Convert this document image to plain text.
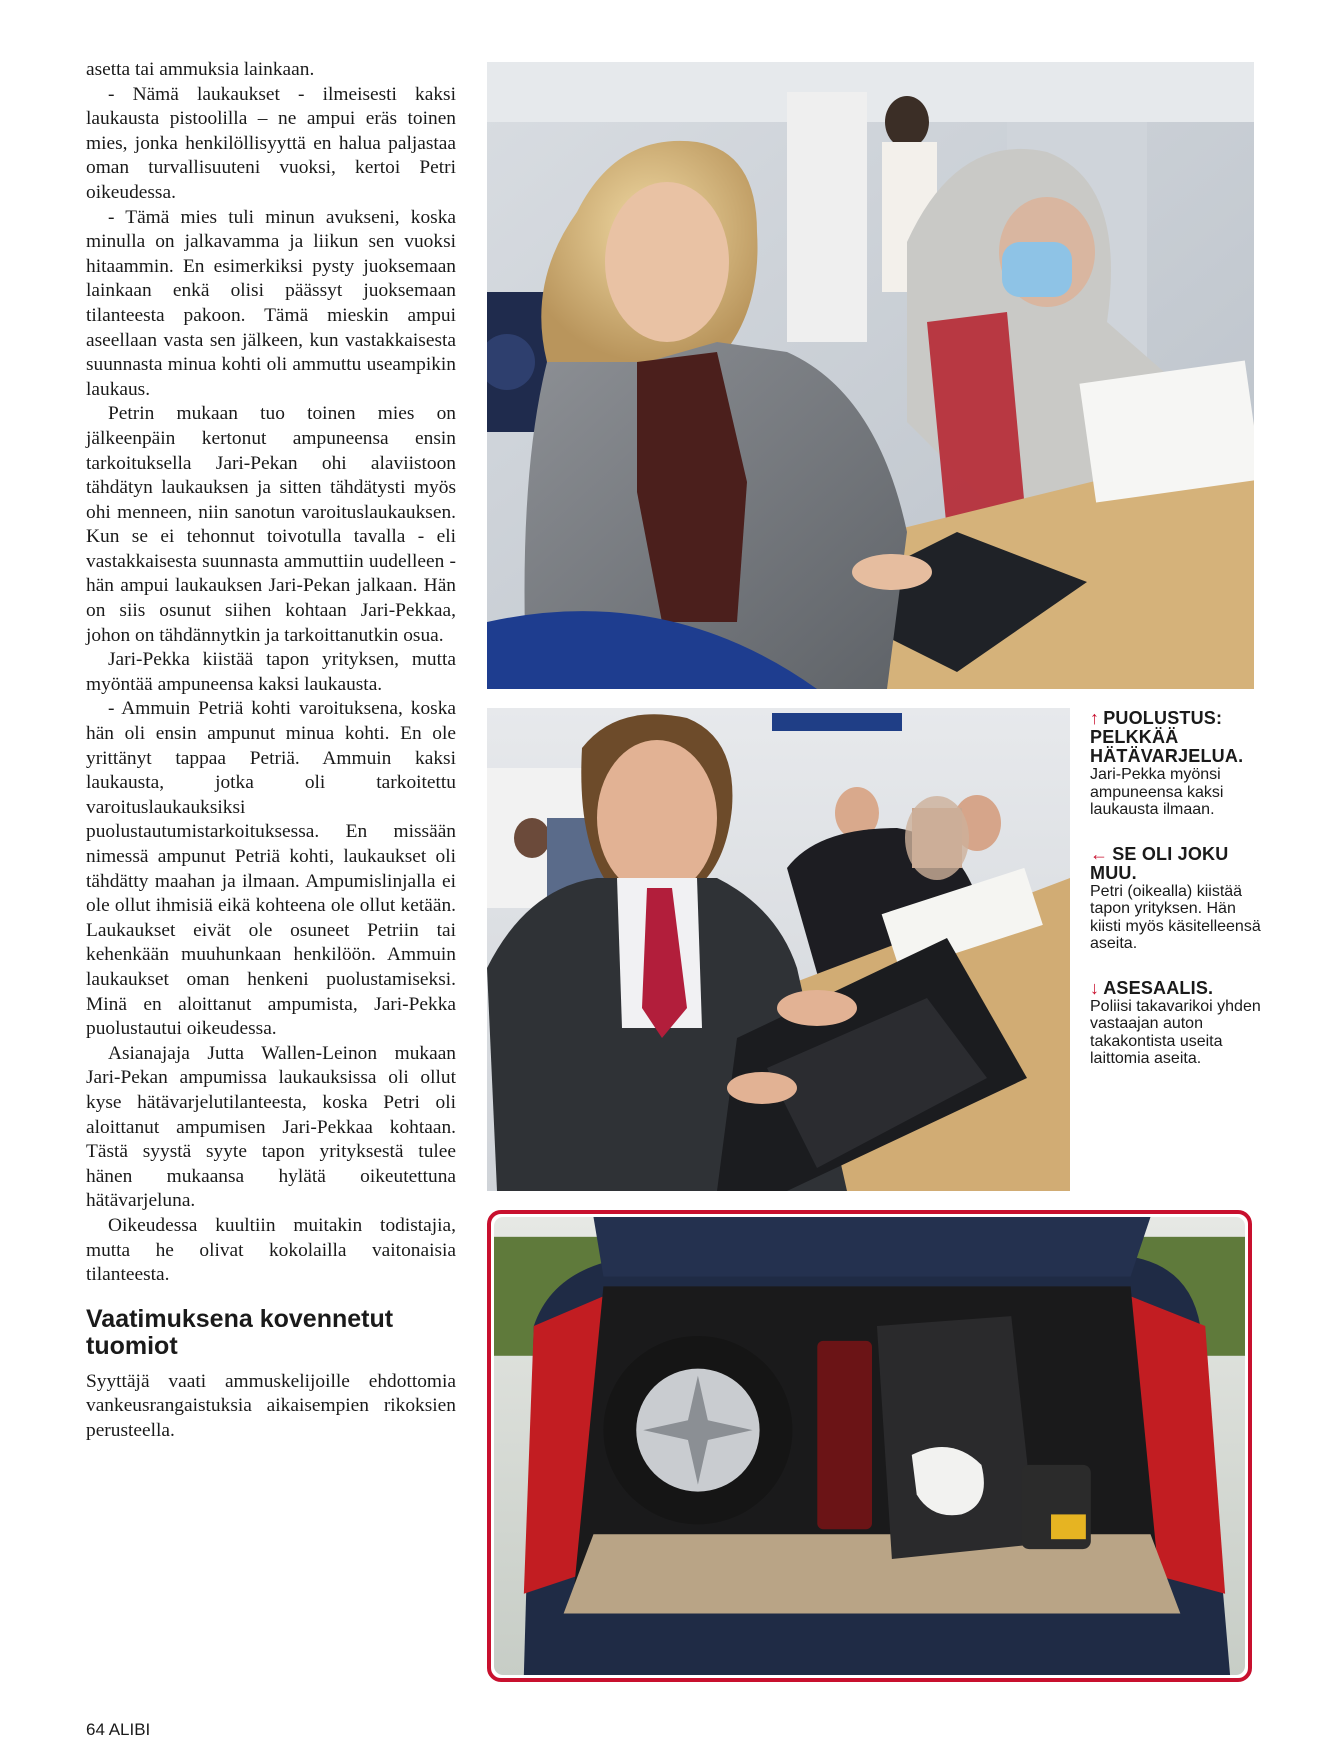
asetta tai ammuksia lainkaan.

- Nämä laukaukset - ilmeisesti kaksi laukausta pistoolilla – ne ampui eräs toinen mies, jonka henkilöllisyyttä en halua paljastaa oman turvallisuuteni vuoksi, kertoi Petri oikeudessa.

- Tämä mies tuli minun avukseni, koska minulla on jalkavamma ja liikun sen vuoksi hitaammin. En esimerkiksi pysty juoksemaan lainkaan enkä olisi päässyt juoksemaan tilanteesta pakoon. Tämä mieskin ampui aseellaan vasta sen jälkeen, kun vastakkaisesta suunnasta minua kohti oli ammuttu useampikin laukaus.

Petrin mukaan tuo toinen mies on jälkeenpäin kertonut ampuneensa ensin tarkoituksella Jari-Pekan ohi alaviistoon tähdätyn laukauksen ja sitten tähdätysti myös ohi menneen, niin sanotun varoituslaukauksen. Kun se ei tehonnut toivotulla tavalla - eli vastakkaisesta suunnasta ammuttiin uudelleen - hän ampui laukauksen Jari-Pekan jalkaan. Hän on siis osunut siihen kohtaan Jari-Pekkaa, johon on tähdännytkin ja tarkoittanutkin osua.

Jari-Pekka kiistää tapon yrityksen, mutta myöntää ampuneensa kaksi laukausta.

- Ammuin Petriä kohti varoituksena, koska hän oli ensin ampunut minua kohti. En ole yrittänyt tappaa Petriä. Ammuin kaksi laukausta, jotka oli tarkoitettu varoituslaukauksiksi puolustautumistarkoituksessa. En missään nimessä ampunut Petriä kohti, laukaukset oli tähdätty maahan ja ilmaan. Ampumislinjalla ei ole ollut ihmisiä eikä kohteena ole ollut ketään. Laukaukset eivät ole osuneet Petriin tai kehenkään muuhunkaan henkilöön. Ammuin laukaukset oman henkeni puolustamiseksi. Minä en aloittanut ampumista, Jari-Pekka puolustautui oikeudessa.

Asianajaja Jutta Wallen-Leinon mukaan Jari-Pekan ampumissa laukauksissa oli ollut kyse hätävarjelutilanteesta, koska Petri oli aloittanut ampumisen Jari-Pekkaa kohtaan. Tästä syystä syyte tapon yrityksestä tulee hänen mukaansa hylätä oikeutettuna hätävarjeluna.

Oikeudessa kuultiin muitakin todistajia, mutta he olivat kokolailla vaitonaisia tilanteesta.

Vaatimuksena kovennetut tuomiot

Syyttäjä vaati ammuskelijoille ehdottomia vankeusrangaistuksia aikaisempien rikoksien perusteella.

↑ PUOLUSTUS: PELKKÄÄ HÄTÄVARJELUA.
Jari-Pekka myönsi ampuneensa kaksi laukausta ilmaan.
← SE OLI JOKU MUU.
Petri (oikealla) kiistää tapon yrityksen. Hän kiisti myös käsitelleensä aseita.
↓ ASESAALIS.
Poliisi takavarikoi yhden vastaajan auton takakontista useita laittomia aseita.
64 ALIBI
